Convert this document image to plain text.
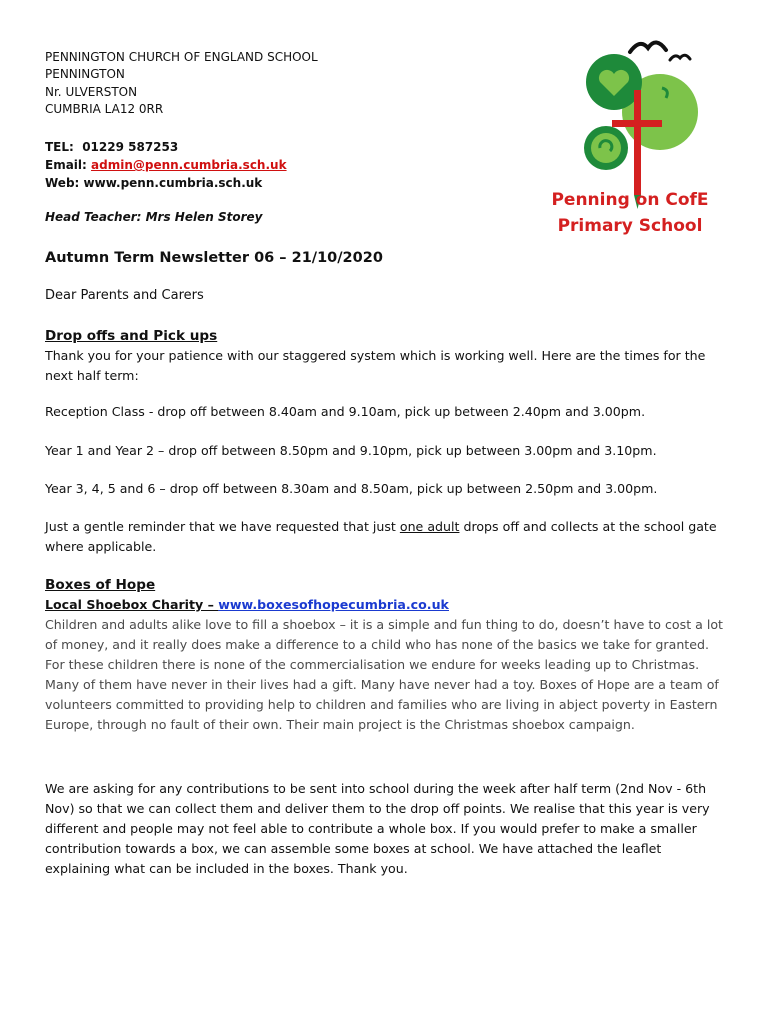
PENNINGTON CHURCH OF ENGLAND SCHOOL
PENNINGTON
Nr. ULVERSTON
CUMBRIA LA12 0RR
TEL: 01229 587253
Email: admin@penn.cumbria.sch.uk
Web: www.penn.cumbria.sch.uk
Head Teacher: Mrs Helen Storey
Penning on CofE
Primary School
Autumn Term Newsletter 06 – 21/10/2020
Dear Parents and Carers
Drop offs and Pick ups
Thank you for your patience with our staggered system which is working well. Here are the times for the next half term:
Reception Class - drop off between 8.40am and 9.10am, pick up between 2.40pm and 3.00pm.
Year 1 and Year 2 – drop off between 8.50pm and 9.10pm, pick up between 3.00pm and 3.10pm.
Year 3, 4, 5 and 6 – drop off between 8.30am and 8.50am, pick up between 2.50pm and 3.00pm.
Just a gentle reminder that we have requested that just one adult drops off and collects at the school gate where applicable.
Boxes of Hope
Local Shoebox Charity – www.boxesofhopecumbria.co.uk
Children and adults alike love to fill a shoebox – it is a simple and fun thing to do, doesn’t have to cost a lot of money, and it really does make a difference to a child who has none of the basics we take for granted. For these children there is none of the commercialisation we endure for weeks leading up to Christmas. Many of them have never in their lives had a gift. Many have never had a toy. Boxes of Hope are a team of volunteers committed to providing help to children and families who are living in abject poverty in Eastern Europe, through no fault of their own. Their main project is the Christmas shoebox campaign.
We are asking for any contributions to be sent into school during the week after half term (2nd Nov - 6th Nov) so that we can collect them and deliver them to the drop off points. We realise that this year is very different and people may not feel able to contribute a whole box. If you would prefer to make a smaller contribution towards a box, we can assemble some boxes at school. We have attached the leaflet explaining what can be included in the boxes. Thank you.
